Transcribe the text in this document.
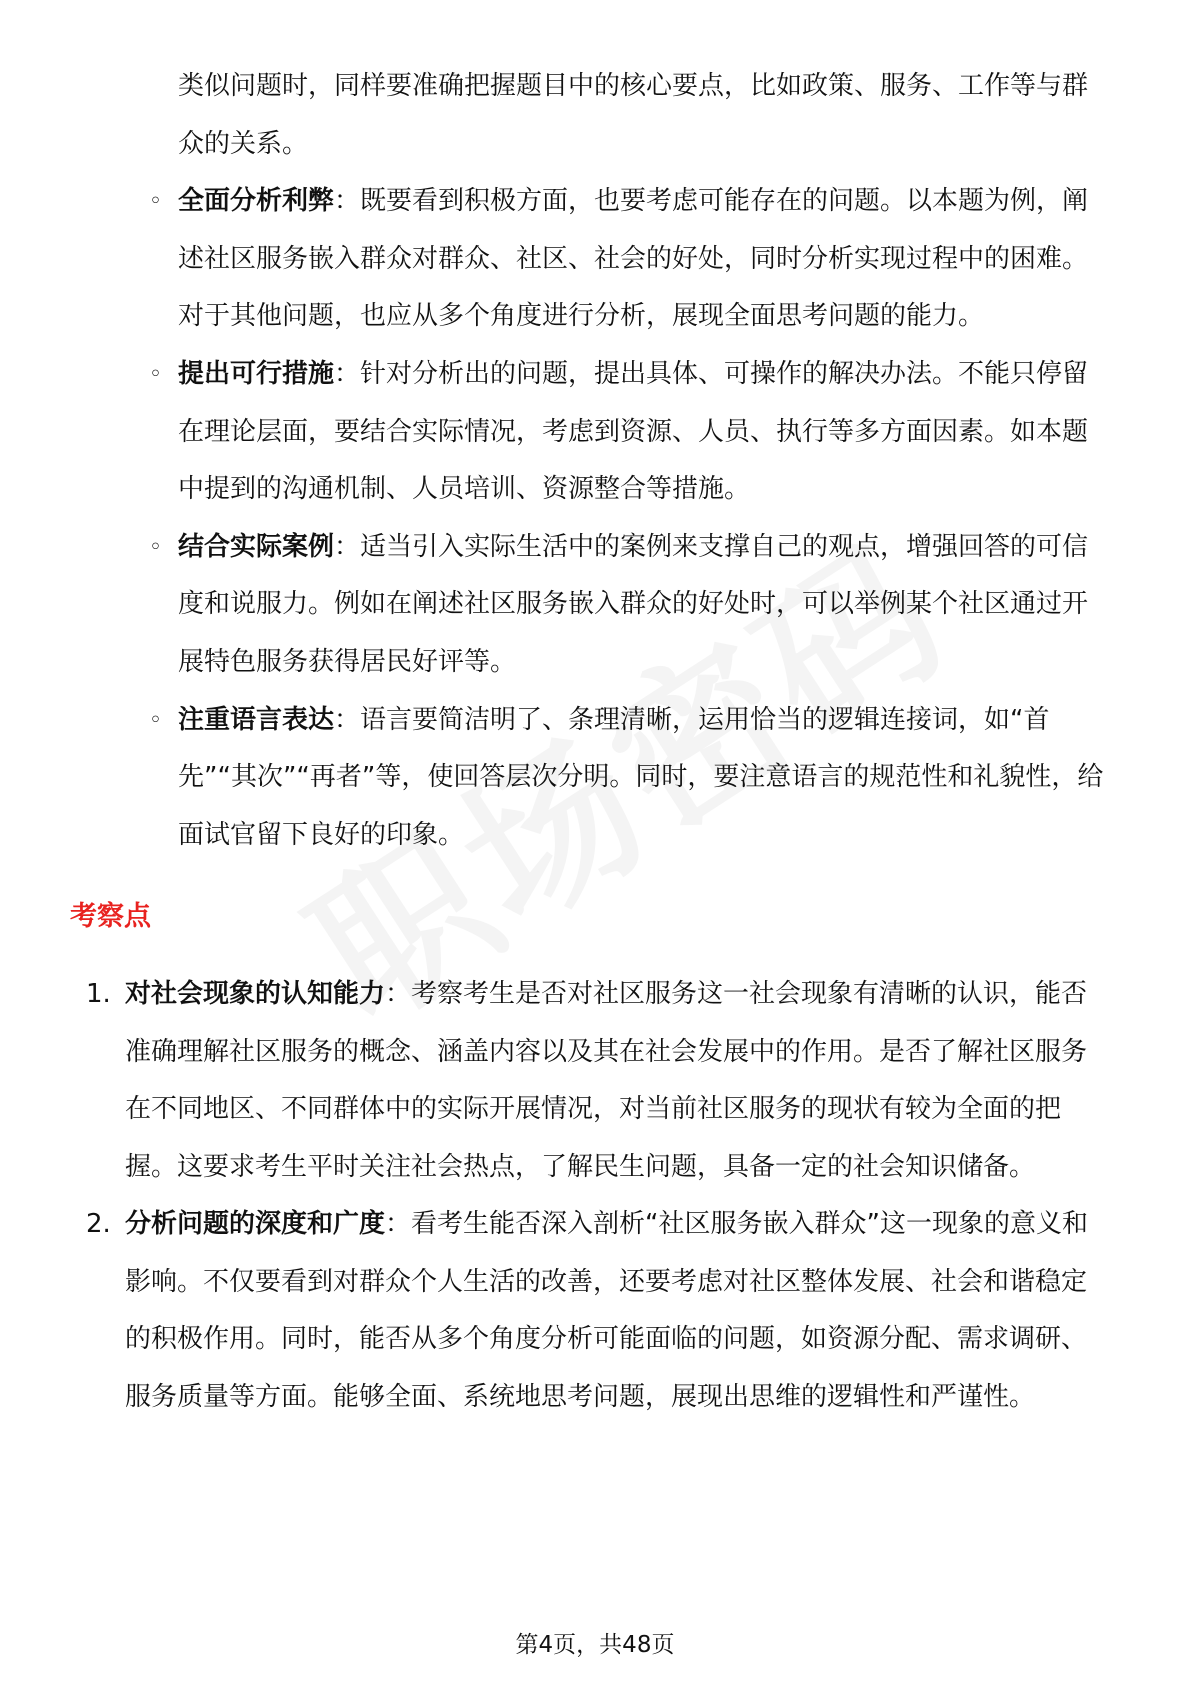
类似问题时，同样要准确把握题目中的核心要点，比如政策、服务、工作等与群众的关系。
◦ 全面分析利弊：既要看到积极方面，也要考虑可能存在的问题。以本题为例，阐述社区服务嵌入群众对群众、社区、社会的好处，同时分析实现过程中的困难。对于其他问题，也应从多个角度进行分析，展现全面思考问题的能力。
◦ 提出可行措施：针对分析出的问题，提出具体、可操作的解决办法。不能只停留在理论层面，要结合实际情况，考虑到资源、人员、执行等多方面因素。如本题中提到的沟通机制、人员培训、资源整合等措施。
◦ 结合实际案例：适当引入实际生活中的案例来支撑自己的观点，增强回答的可信度和说服力。例如在阐述社区服务嵌入群众的好处时，可以举例某个社区通过开展特色服务获得居民好评等。
◦ 注重语言表达：语言要简洁明了、条理清晰，运用恰当的逻辑连接词，如“首先”“其次”“再者”等，使回答层次分明。同时，要注意语言的规范性和礼貌性，给面试官留下良好的印象。
考察点
1. 对社会现象的认知能力：考察考生是否对社区服务这一社会现象有清晰的认识，能否准确理解社区服务的概念、涵盖内容以及其在社会发展中的作用。是否了解社区服务在不同地区、不同群体中的实际开展情况，对当前社区服务的现状有较为全面的把握。这要求考生平时关注社会热点，了解民生问题，具备一定的社会知识储备。
2. 分析问题的深度和广度：看考生能否深入剖析“社区服务嵌入群众”这一现象的意义和影响。不仅要看到对群众个人生活的改善，还要考虑对社区整体发展、社会和谐稳定的积极作用。同时，能否从多个角度分析可能面临的问题，如资源分配、需求调研、服务质量等方面。能够全面、系统地思考问题，展现出思维的逻辑性和严谨性。
第4页，共48页
